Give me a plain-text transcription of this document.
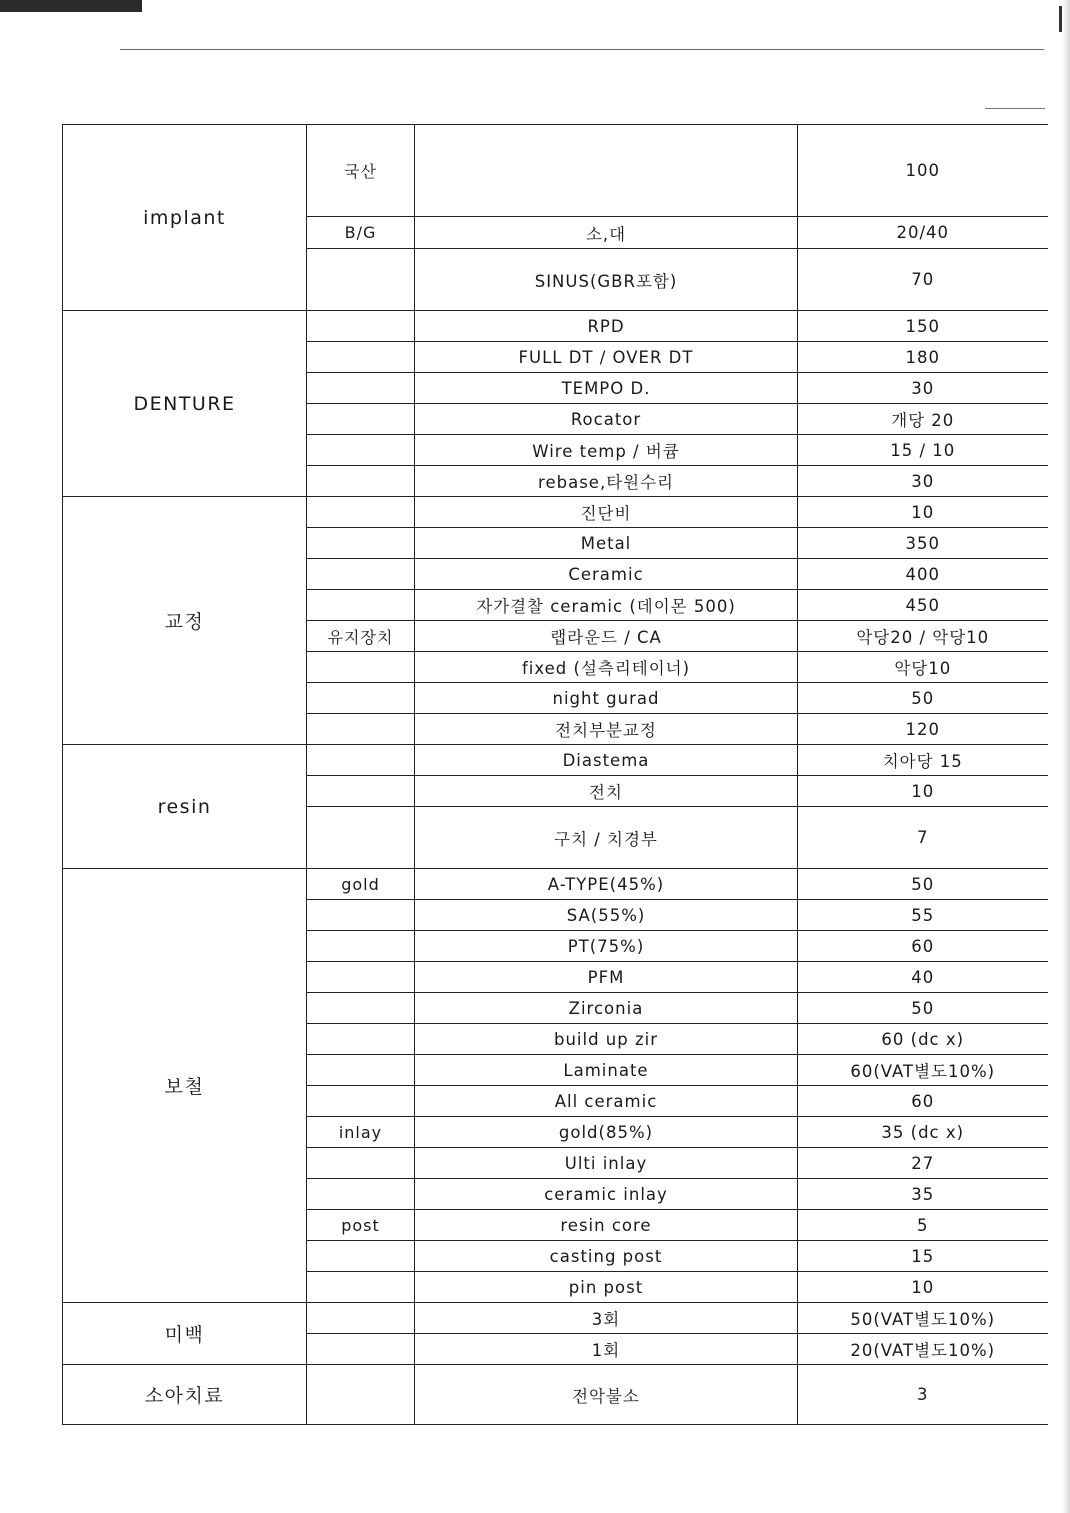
implant	국산		100
	B/G	소,대	20/40
		SINUS(GBR포함)	70
DENTURE		RPD	150
		FULL DT / OVER DT	180
		TEMPO D.	30
		Rocator	개당 20
		Wire temp / 버큠	15 / 10
		rebase,타원수리	30
교정		진단비	10
		Metal	350
		Ceramic	400
		자가결찰 ceramic (데이몬 500)	450
	유지장치	랩라운드 / CA	악당20 / 악당10
		fixed (설측리테이너)	악당10
		night gurad	50
		전치부분교정	120
resin		Diastema	치아당 15
		전치	10
		구치 / 치경부	7
보철	gold	A-TYPE(45%)	50
		SA(55%)	55
		PT(75%)	60
		PFM	40
		Zirconia	50
		build up zir	60 (dc x)
		Laminate	60(VAT별도10%)
		All ceramic	60
	inlay	gold(85%)	35 (dc x)
		Ulti inlay	27
		ceramic inlay	35
	post	resin core	5
		casting post	15
		pin post	10
미백		3회	50(VAT별도10%)
		1회	20(VAT별도10%)
소아치료		전악불소	3
